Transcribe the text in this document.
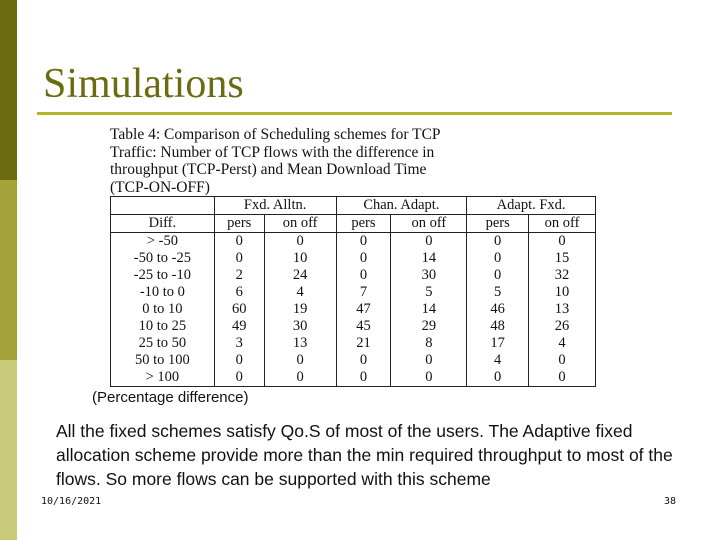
Simulations
Table 4: Comparison of Scheduling schemes for TCP
Traffic: Number of TCP flows with the difference in
throughput (TCP-Perst) and Mean Download Time
(TCP-ON-OFF)
	Fxd. Alltn.		Chan. Adapt.		Adapt. Fxd.	
Diff.	pers	on off	pers	on off	pers	on off
> -50	0	0	0	0	0	0
-50 to -25	0	10	0	14	0	15
-25 to -10	2	24	0	30	0	32
-10 to 0	6	4	7	5	5	10
0 to 10	60	19	47	14	46	13
10 to 25	49	30	45	29	48	26
25 to 50	3	13	21	8	17	4
50 to 100	0	0	0	0	4	0
> 100	0	0	0	0	0	0
(Percentage difference)
All the fixed schemes satisfy Qo.S of most of the users. The Adaptive fixed allocation scheme provide more than the min required throughput to most of the flows. So more flows can be supported with this scheme
10/16/2021	38
